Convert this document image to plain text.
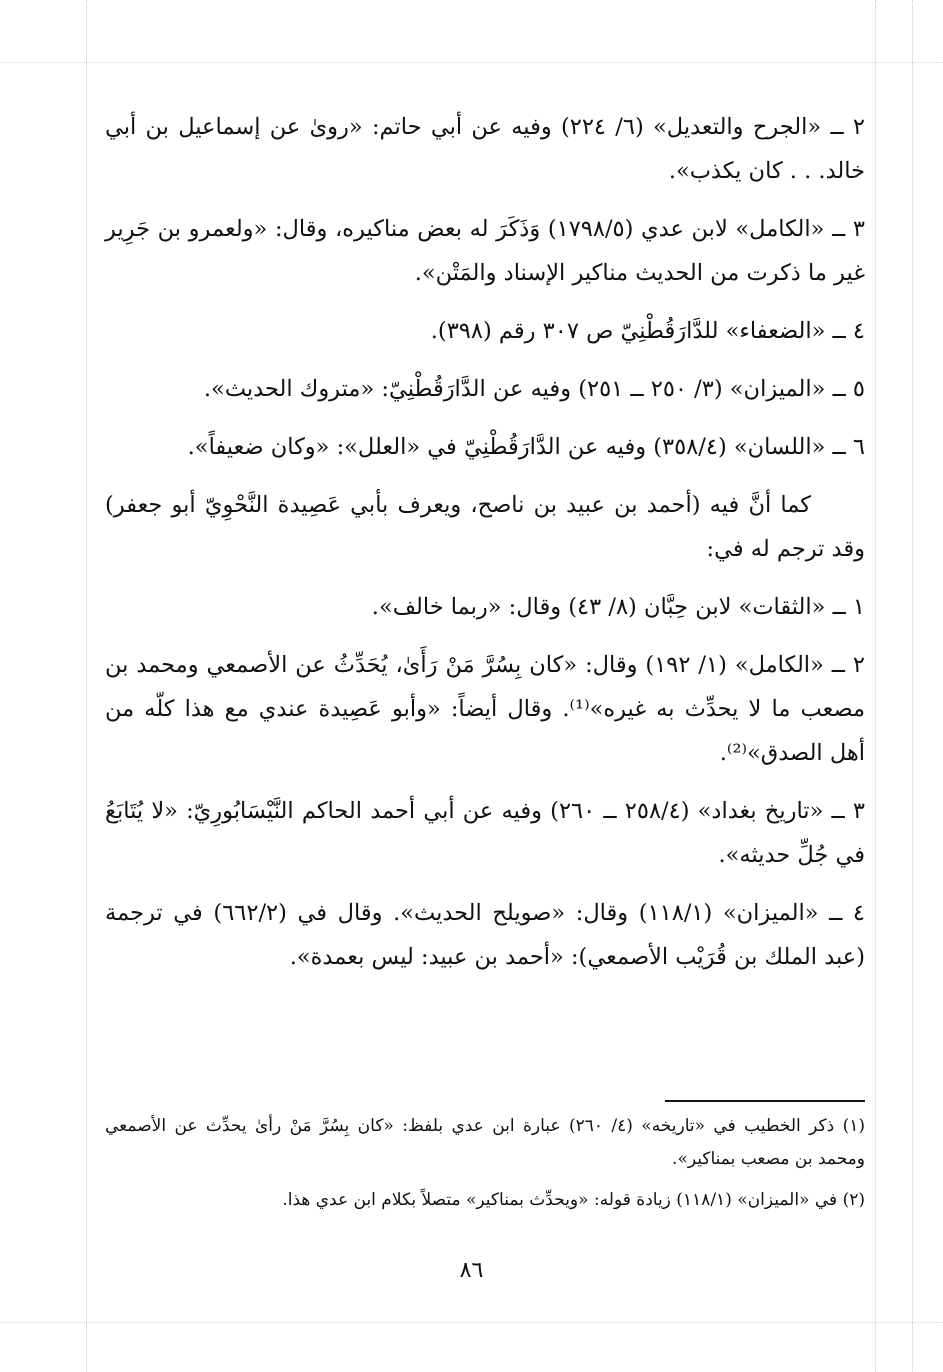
٢ ــ «الجرح والتعديل» (٦/ ٢٢٤) وفيه عن أبي حاتم: «روىٰ عن إسماعيل بن أبي خالد. . . كان يكذب».

٣ ــ «الكامل» لابن عدي (١٧٩٨/٥) وَذَكَرَ له بعض مناكيره، وقال: «ولعمرو بن جَرِير غير ما ذكرت من الحديث مناكير الإسناد والمَتْن».

٤ ــ «الضعفاء» للدَّارَقُطْنِيّ ص ٣٠٧ رقم (٣٩٨).

٥ ــ «الميزان» (٣/ ٢٥٠ ــ ٢٥١) وفيه عن الدَّارَقُطْنِيّ: «متروك الحديث».

٦ ــ «اللسان» (٣٥٨/٤) وفيه عن الدَّارَقُطْنِيّ في «العلل»: «وكان ضعيفاً».

كما أنَّ فيه (أحمد بن عبيد بن ناصح، ويعرف بأبي عَصِيدة النَّحْوِيّ أبو جعفر) وقد ترجم له في:

١ ــ «الثقات» لابن حِبَّان (٨/ ٤٣) وقال: «ربما خالف».

٢ ــ «الكامل» (١/ ١٩٢) وقال: «كان بِسُرَّ مَنْ رَأَىٰ، يُحَدِّثُ عن الأصمعي ومحمد بن مصعب ما لا يحدِّث به غيره»⁽¹⁾. وقال أيضاً: «وأبو عَصِيدة عندي مع هذا كلّه من أهل الصدق»⁽²⁾.

٣ ــ «تاريخ بغداد» (٢٥٨/٤ ــ ٢٦٠) وفيه عن أبي أحمد الحاكم النَّيْسَابُورِيّ: «لا يُتَابَعُ في جُلِّ حديثه».

٤ ــ «الميزان» (١١٨/١) وقال: «صويلح الحديث». وقال في (٦٦٢/٢) في ترجمة (عبد الملك بن قُرَيْب الأصمعي): «أحمد بن عبيد: ليس بعمدة».

(١) ذكر الخطيب في «تاريخه» (٤/ ٢٦٠) عبارة ابن عدي بلفظ: «كان بِسُرَّ مَنْ رأىٰ يحدِّث عن الأصمعي ومحمد بن مصعب بمناكير».

(٢) في «الميزان» (١١٨/١) زيادة قوله: «ويحدِّث بمناكير» متصلاً بكلام ابن عدي هذا.

٨٦
